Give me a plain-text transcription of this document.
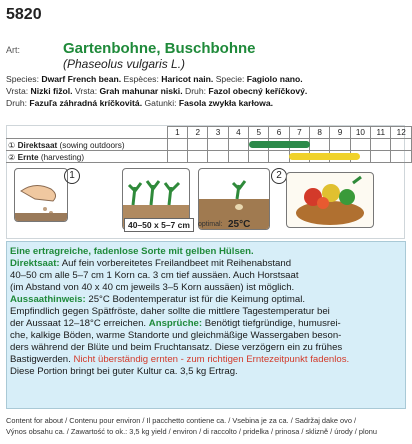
5820
Art:	Gartenbohne, Buschbohne
(Phaseolus vulgaris L.)
Species: Dwarf French bean. Espèces: Haricot nain. Specie: Fagiolo nano.
Vrsta: Nizki fižol. Vrsta: Grah mahunar niski. Druh: Fazol obecný keříčkový.
Druh: Fazuľa záhradná kríčkovitá. Gatunki: Fasola zwykła karłowa.
	1	2	3	4	5	6	7	8	9	10	11	12
① Direktsaat (sowing outdoors)												
② Ernte (harvesting)												
1
40–50 x 5–7 cm	optimal: 25°C
2
Eine ertragreiche, fadenlose Sorte mit gelben Hülsen.
Direktsaat: Auf fein vorbereitetes Freilandbeet mit Reihenabstand
40–50 cm alle 5–7 cm 1 Korn ca. 3 cm tief aussäen. Auch Horstsaat
(im Abstand von 40 x 40 cm jeweils 3–5 Korn aussäen) ist möglich.
Aussaathinweis: 25°C Bodentemperatur ist für die Keimung optimal.
Empfindlich gegen Spätfröste, daher sollte die mittlere Tagestemperatur bei
der Aussaat 12–18°C erreichen. Ansprüche: Benötigt tiefgründige, humusrei-
che, kalkige Böden, warme Standorte und gleichmäßige Wassergaben beson-
ders während der Blüte und beim Fruchtansatz. Diese verzögern ein zu frühes
Bastigwerden. Nicht überständig ernten - zum richtigen Erntezeitpunkt fadenlos.
Diese Portion bringt bei guter Kultur ca. 3,5 kg Ertrag.
Content for about / Contenu pour environ / Il pacchetto contiene ca. / Vsebina je za ca. / Sadržaj dake ovo /
Výnos obsahu ca. / Zawartość to ok.: 3,5 kg yield / environ / di raccolto / pridelka / prinosa / sklizně / úrody / plonu
